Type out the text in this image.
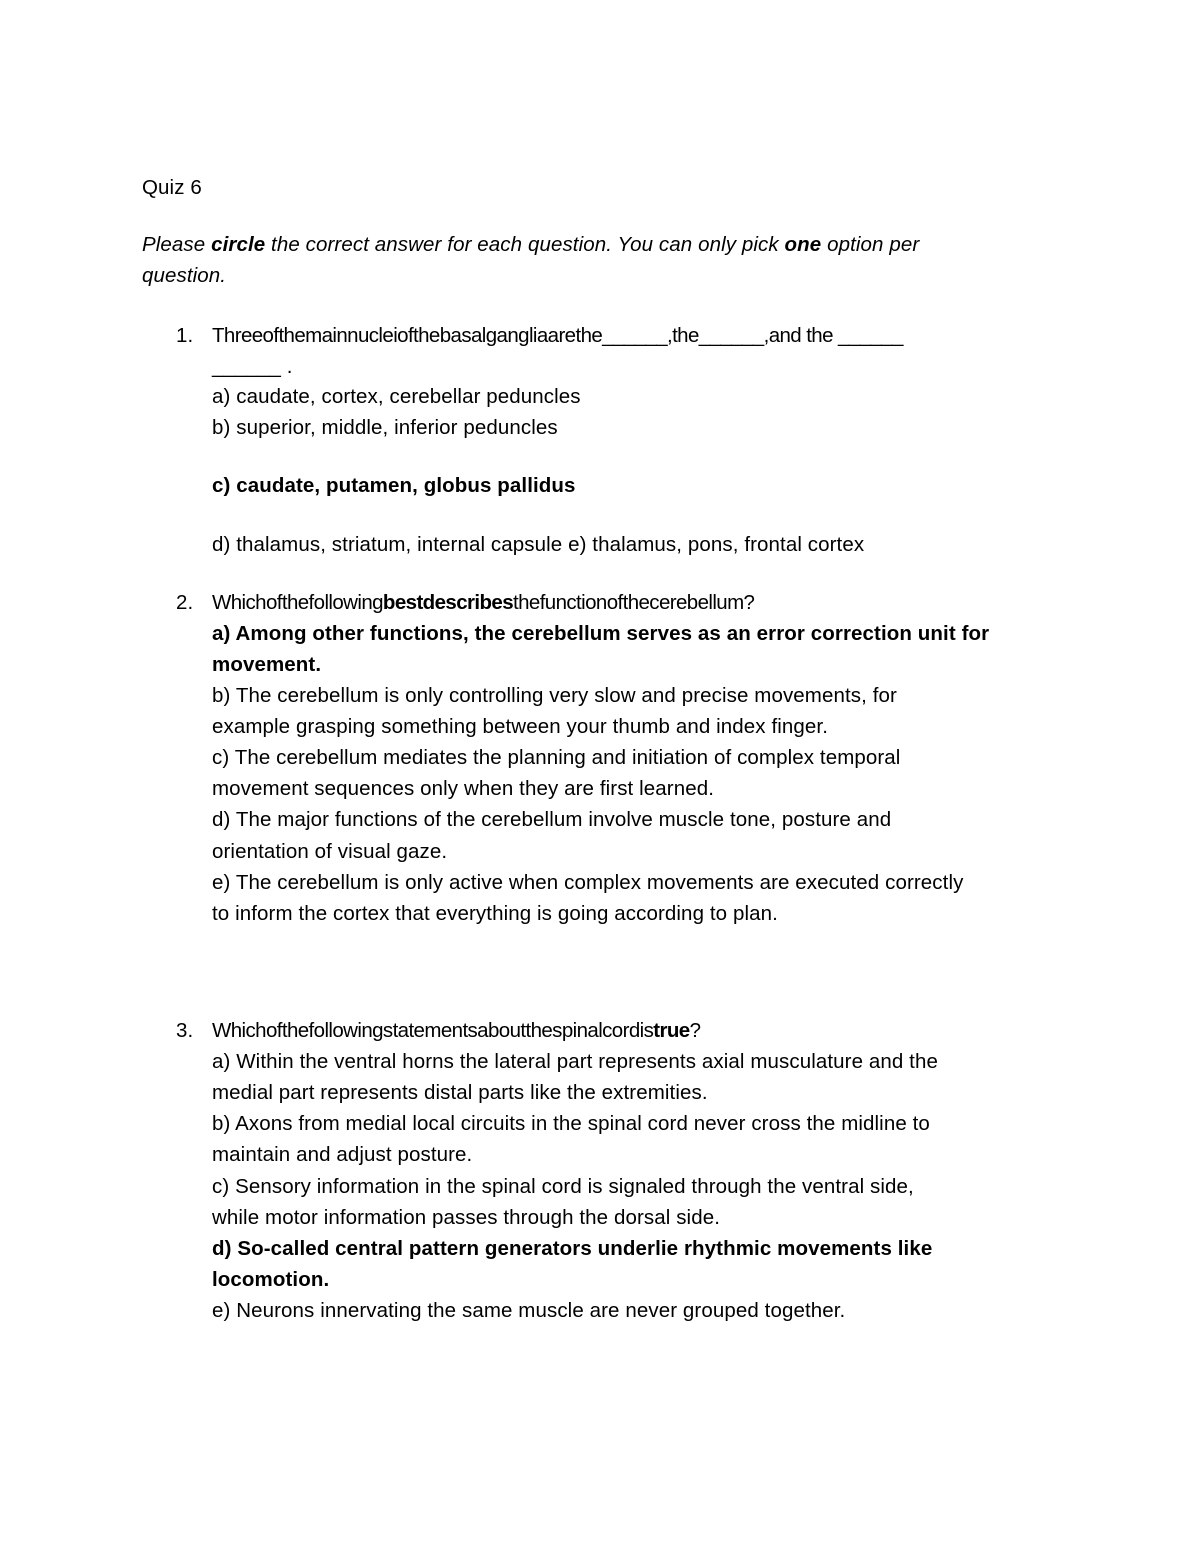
Quiz 6
Please circle the correct answer for each question. You can only pick one option per
question.
1. Threeofthemainnucleiofthebasalgangliaarethe______,the______,and the ______
______ .
a) caudate, cortex, cerebellar peduncles
b) superior, middle, inferior peduncles
c) caudate, putamen, globus pallidus
d) thalamus, striatum, internal capsule e) thalamus, pons, frontal cortex
2. Whichofthefollowingbestdescribesthefunctionofthecerebellum?
a) Among other functions, the cerebellum serves as an error correction unit for
movement.
b) The cerebellum is only controlling very slow and precise movements, for
example grasping something between your thumb and index finger.
c) The cerebellum mediates the planning and initiation of complex temporal
movement sequences only when they are first learned.
d) The major functions of the cerebellum involve muscle tone, posture and
orientation of visual gaze.
e) The cerebellum is only active when complex movements are executed correctly
to inform the cortex that everything is going according to plan.
3. Whichofthefollowingstatementsaboutthespinalcordistrue?
a) Within the ventral horns the lateral part represents axial musculature and the
medial part represents distal parts like the extremities.
b) Axons from medial local circuits in the spinal cord never cross the midline to
maintain and adjust posture.
c) Sensory information in the spinal cord is signaled through the ventral side,
while motor information passes through the dorsal side.
d) So-called central pattern generators underlie rhythmic movements like
locomotion.
e) Neurons innervating the same muscle are never grouped together.
